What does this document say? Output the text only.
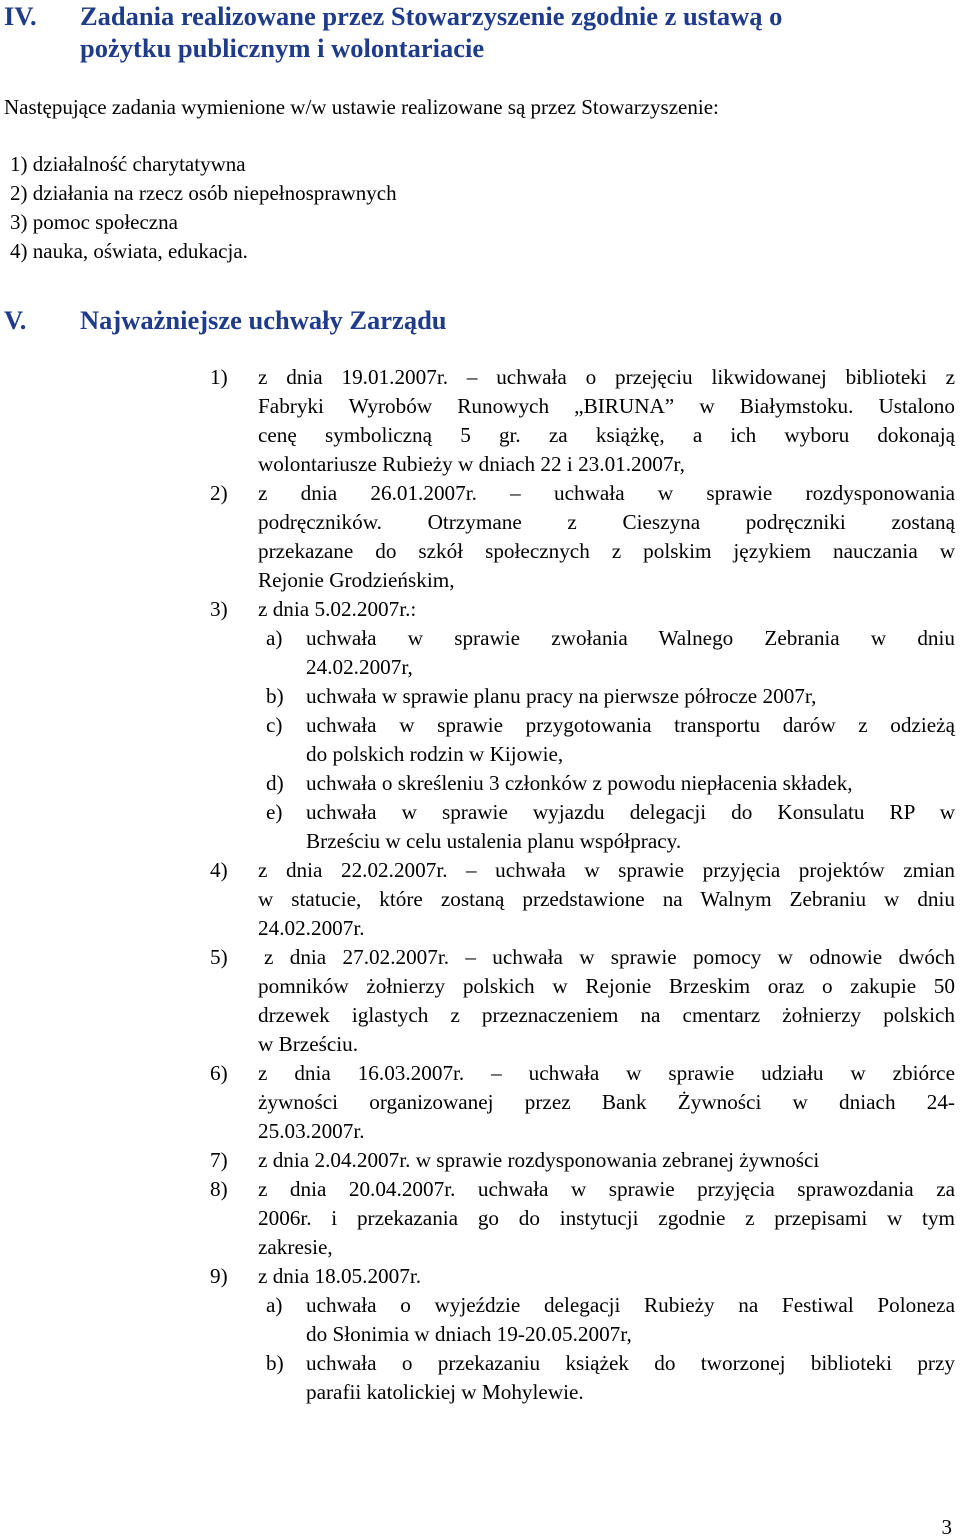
IV. Zadania realizowane przez Stowarzyszenie zgodnie z ustawą o
pożytku publicznym i wolontariacie
Następujące zadania wymienione w/w ustawie realizowane są przez Stowarzyszenie:
1) działalność charytatywna
2) działania na rzecz osób niepełnosprawnych
3) pomoc społeczna
4) nauka, oświata, edukacja.
V. Najważniejsze uchwały Zarządu
1) z dnia 19.01.2007r. – uchwała o przejęciu likwidowanej biblioteki z
Fabryki Wyrobów Runowych „BIRUNA” w Białymstoku. Ustalono
cenę symboliczną 5 gr. za książkę, a ich wyboru dokonają
wolontariusze Rubieży w dniach 22 i 23.01.2007r,
2) z dnia 26.01.2007r. – uchwała w sprawie rozdysponowania
podręczników. Otrzymane z Cieszyna podręczniki zostaną
przekazane do szkół społecznych z polskim językiem nauczania w
Rejonie Grodzieńskim,
3) z dnia 5.02.2007r.:
a) uchwała w sprawie zwołania Walnego Zebrania w dniu
24.02.2007r,
b) uchwała w sprawie planu pracy na pierwsze półrocze 2007r,
c) uchwała w sprawie przygotowania transportu darów z odzieżą
do polskich rodzin w Kijowie,
d) uchwała o skreśleniu 3 członków z powodu niepłacenia składek,
e) uchwała w sprawie wyjazdu delegacji do Konsulatu RP w
Brześciu w celu ustalenia planu współpracy.
4) z dnia 22.02.2007r. – uchwała w sprawie przyjęcia projektów zmian
w statucie, które zostaną przedstawione na Walnym Zebraniu w dniu
24.02.2007r.
5) z dnia 27.02.2007r. – uchwała w sprawie pomocy w odnowie dwóch
pomników żołnierzy polskich w Rejonie Brzeskim oraz o zakupie 50
drzewek iglastych z przeznaczeniem na cmentarz żołnierzy polskich
w Brześciu.
6) z dnia 16.03.2007r. – uchwała w sprawie udziału w zbiórce
żywności organizowanej przez Bank Żywności w dniach 24-
25.03.2007r.
7) z dnia 2.04.2007r. w sprawie rozdysponowania zebranej żywności
8) z dnia 20.04.2007r. uchwała w sprawie przyjęcia sprawozdania za
2006r. i przekazania go do instytucji zgodnie z przepisami w tym
zakresie,
9) z dnia 18.05.2007r.
a) uchwała o wyjeździe delegacji Rubieży na Festiwal Poloneza
do Słonimia w dniach 19-20.05.2007r,
b) uchwała o przekazaniu książek do tworzonej biblioteki przy
parafii katolickiej w Mohylewie.
3
